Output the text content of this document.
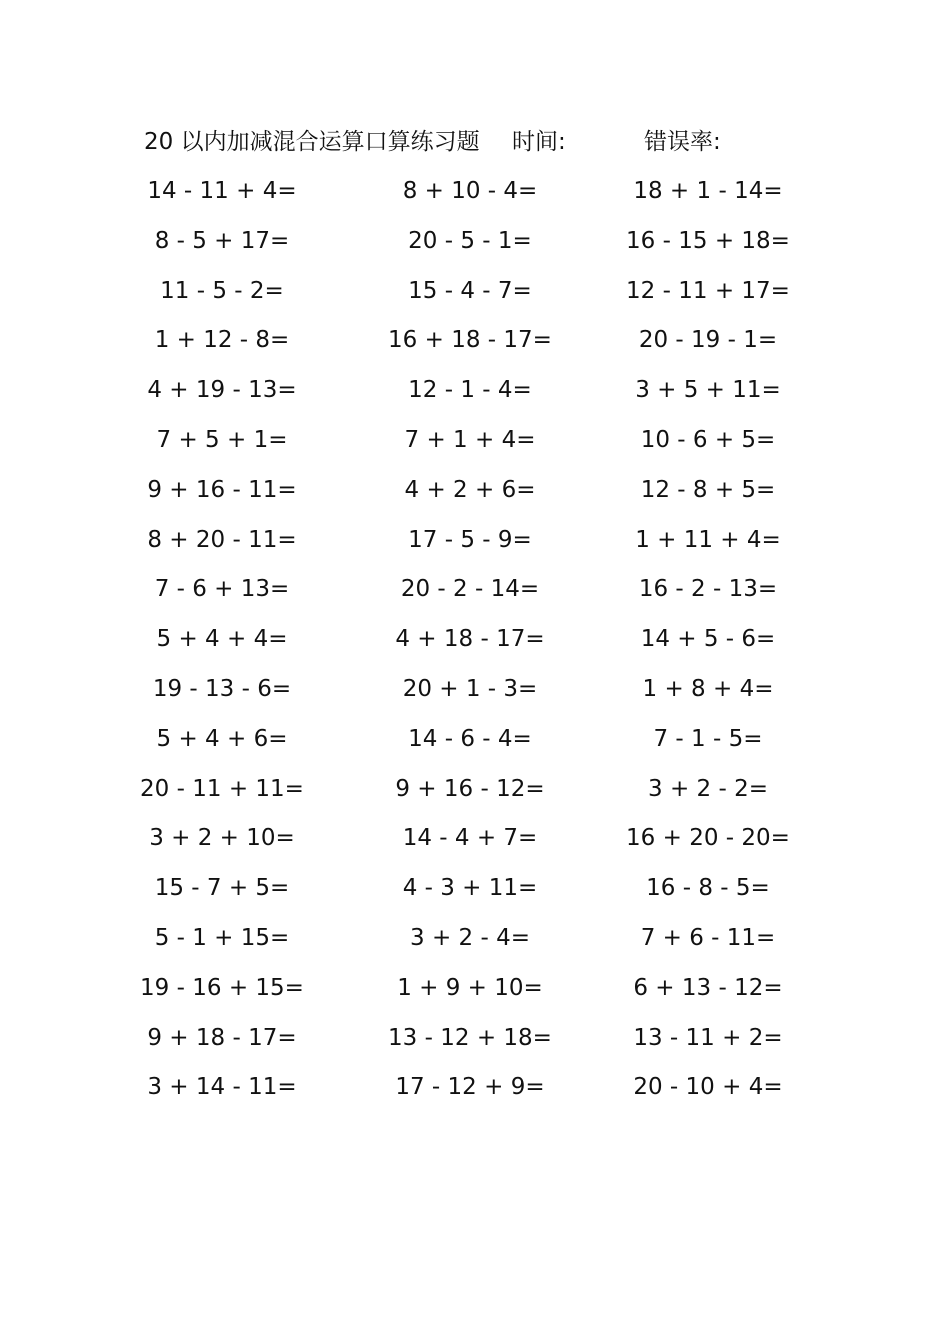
20 以内加减混合运算口算练习题 时间:	错误率:
14 - 11 + 4=	8 + 10 - 4=	18 + 1 - 14=
8 - 5 + 17=	20 - 5 - 1=	16 - 15 + 18=
11 - 5 - 2=	15 - 4 - 7=	12 - 11 + 17=
1 + 12 - 8=	16 + 18 - 17=	20 - 19 - 1=
4 + 19 - 13=	12 - 1 - 4=	3 + 5 + 11=
7 + 5 + 1=	7 + 1 + 4=	10 - 6 + 5=
9 + 16 - 11=	4 + 2 + 6=	12 - 8 + 5=
8 + 20 - 11=	17 - 5 - 9=	1 + 11 + 4=
7 - 6 + 13=	20 - 2 - 14=	16 - 2 - 13=
5 + 4 + 4=	4 + 18 - 17=	14 + 5 - 6=
19 - 13 - 6=	20 + 1 - 3=	1 + 8 + 4=
5 + 4 + 6=	14 - 6 - 4=	7 - 1 - 5=
20 - 11 + 11=	9 + 16 - 12=	3 + 2 - 2=
3 + 2 + 10=	14 - 4 + 7=	16 + 20 - 20=
15 - 7 + 5=	4 - 3 + 11=	16 - 8 - 5=
5 - 1 + 15=	3 + 2 - 4=	7 + 6 - 11=
19 - 16 + 15=	1 + 9 + 10=	6 + 13 - 12=
9 + 18 - 17=	13 - 12 + 18=	13 - 11 + 2=
3 + 14 - 11=	17 - 12 + 9=	20 - 10 + 4=
